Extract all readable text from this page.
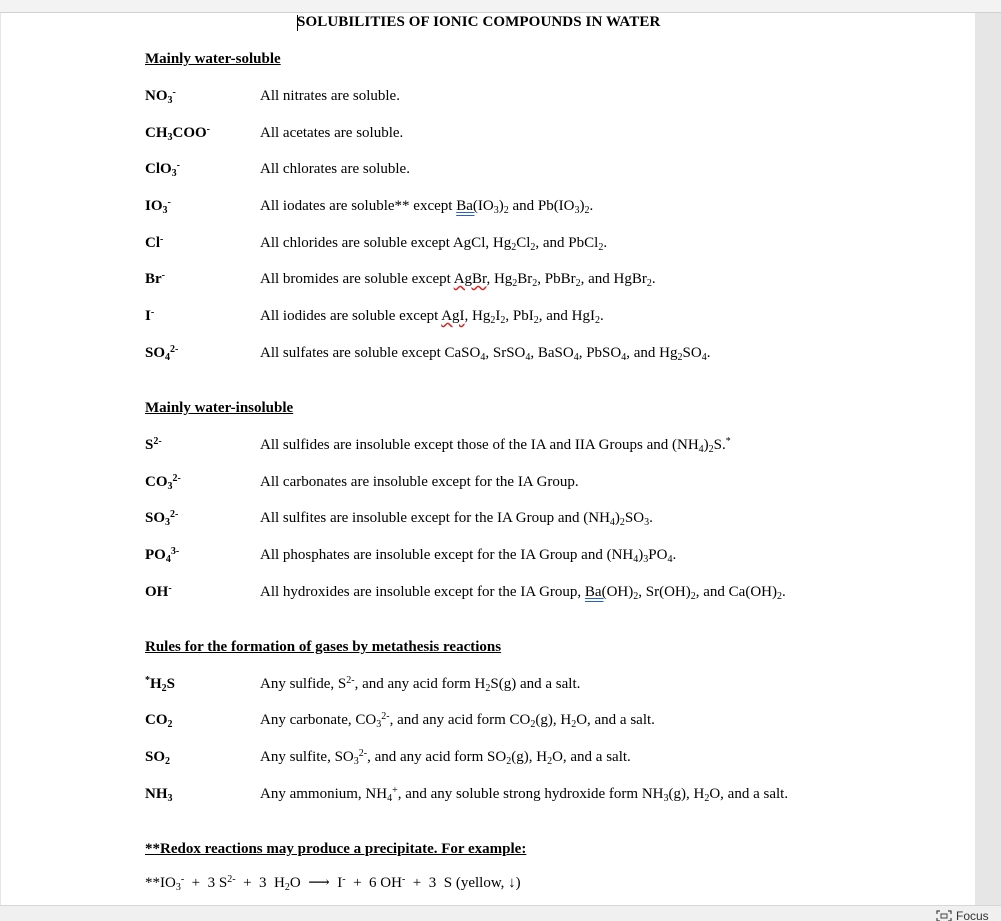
SOLUBILITIES OF IONIC COMPOUNDS IN WATER
Mainly water-soluble
$NO_3^-$	All nitrates are soluble.
$CH_3COO^-$	All acetates are soluble.
ClO$_3$-	All chlorates are soluble.
$IO_3^-$	All iodates are soluble** except $Ba(IO_3)_2$ and $Pb(IO_3)_2$.
Cl-	All chlorides are soluble except AgCl, $Hg_2Cl_2$, and PbCl$_2$.
Br-	All bromides are soluble except AgBr, $Hg_2Br_2$, PbBr$_2$, and HgBr$_2$.
I-	All iodides are soluble except AgI, $Hg_2I_2$, PbI$_2$, and HgI$_2$.
$SO_4^{2-}$	All sulfates are soluble except CaSO$_4$, SrSO$_4$, BaSO$_4$, PbSO$_4$, and $Hg_2SO_4$.
Mainly water-insoluble
$S^{2-}$	All sulfides are insoluble except those of the IA and IIA Groups and $(NH_4)_2S.^*$
$CO_3^{2-}$	All carbonates are insoluble except for the IA Group.
$SO_3^{2-}$	All sulfites are insoluble except for the IA Group and $(NH_4)_2SO_3$.
$PO_4^{3-}$	All phosphates are insoluble except for the IA Group and $(NH_4)_3PO_4$.
OH-	All hydroxides are insoluble except for the IA Group, $Ba(OH)_2$, $Sr(OH)_2$, and $Ca(OH)_2$.
Rules for the formation of gases by metathesis reactions
$^*H_2S$	Any sulfide, $S^{2-}$, and any acid form $H_2S(g)$ and a salt.
$CO_2$	Any carbonate, $CO_3^{2-}$, and any acid form $CO_2(g)$, $H_2O$, and a salt.
$SO_2$	Any sulfite, $SO_3^{2-}$, and any acid form $SO_2(g)$, $H_2O$, and a salt.
$NH_3$	Any ammonium, $NH_4^+$, and any soluble strong hydroxide form $NH_3(g)$, $H_2O$, and a salt.
**Redox reactions may produce a precipitate. For example:
$**IO_3^- + 3$ $S^{2-} + 3$  $H_2O$  ⟶  I-  +  6 OH-  +  3  S (yellow, ↓)
Focus
